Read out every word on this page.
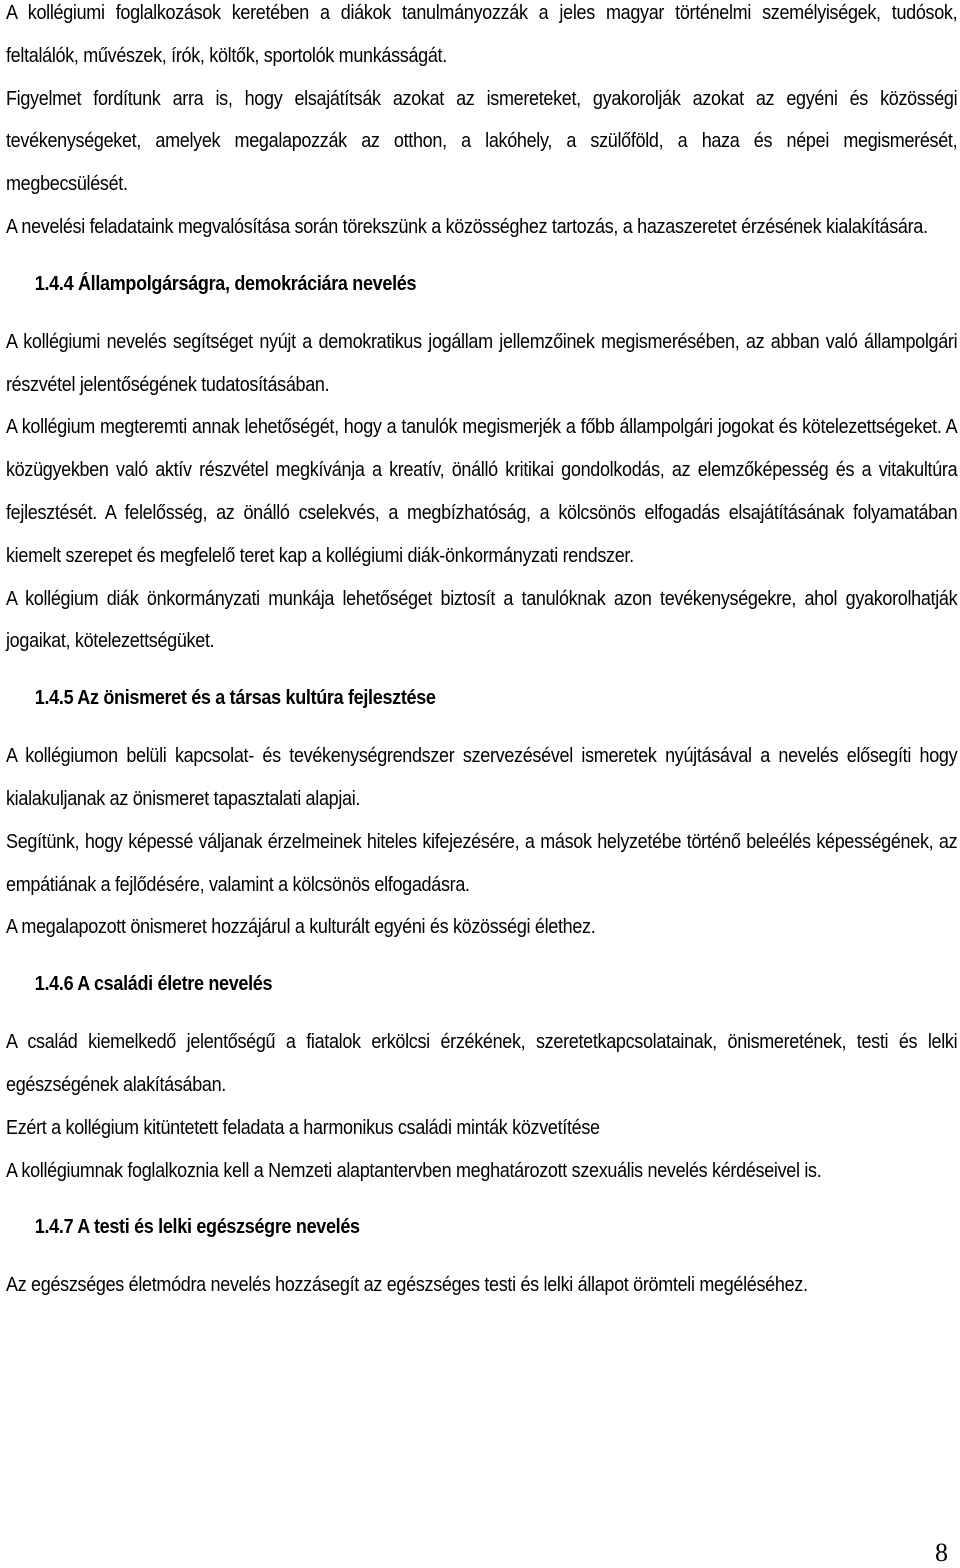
A kollégiumi foglalkozások keretében a diákok tanulmányozzák a jeles magyar történelmi személyiségek, tudósok, feltalálók, művészek, írók, költők, sportolók munkásságát.

Figyelmet fordítunk arra is, hogy elsajátítsák azokat az ismereteket, gyakorolják azokat az egyéni és közösségi tevékenységeket, amelyek megalapozzák az otthon, a lakóhely, a szülőföld, a haza és népei megismerését, megbecsülését.

A nevelési feladataink megvalósítása során törekszünk a közösséghez tartozás, a hazaszeretet érzésének kialakítására.

1.4.4 Állampolgárságra, demokráciára nevelés

A kollégiumi nevelés segítséget nyújt a demokratikus jogállam jellemzőinek megismerésében, az abban való állampolgári részvétel jelentőségének tudatosításában.

A kollégium megteremti annak lehetőségét, hogy a tanulók megismerjék a főbb állampolgári jogokat és kötelezettségeket. A közügyekben való aktív részvétel megkívánja a kreatív, önálló kritikai gondolkodás, az elemzőképesség és a vitakultúra fejlesztését. A felelősség, az önálló cselekvés, a megbízhatóság, a kölcsönös elfogadás elsajátításának folyamatában kiemelt szerepet és megfelelő teret kap a kollégiumi diák-önkormányzati rendszer.

A kollégium diák önkormányzati munkája lehetőséget biztosít a tanulóknak azon tevékenységekre, ahol gyakorolhatják jogaikat, kötelezettségüket.

1.4.5 Az önismeret és a társas kultúra fejlesztése

A kollégiumon belüli kapcsolat- és tevékenységrendszer szervezésével ismeretek nyújtásával a nevelés elősegíti hogy kialakuljanak az önismeret tapasztalati alapjai.

Segítünk, hogy képessé váljanak érzelmeinek hiteles kifejezésére, a mások helyzetébe történő beleélés képességének, az empátiának a fejlődésére, valamint a kölcsönös elfogadásra.

A megalapozott önismeret hozzájárul a kulturált egyéni és közösségi élethez.

1.4.6 A családi életre nevelés

A család kiemelkedő jelentőségű a fiatalok erkölcsi érzékének, szeretetkapcsolatainak, önismeretének, testi és lelki egészségének alakításában.

Ezért a kollégium kitüntetett feladata a harmonikus családi minták közvetítése

A kollégiumnak foglalkoznia kell a Nemzeti alaptantervben meghatározott szexuális nevelés kérdéseivel is.

1.4.7 A testi és lelki egészségre nevelés

Az egészséges életmódra nevelés hozzásegít az egészséges testi és lelki állapot örömteli megéléséhez.

8
